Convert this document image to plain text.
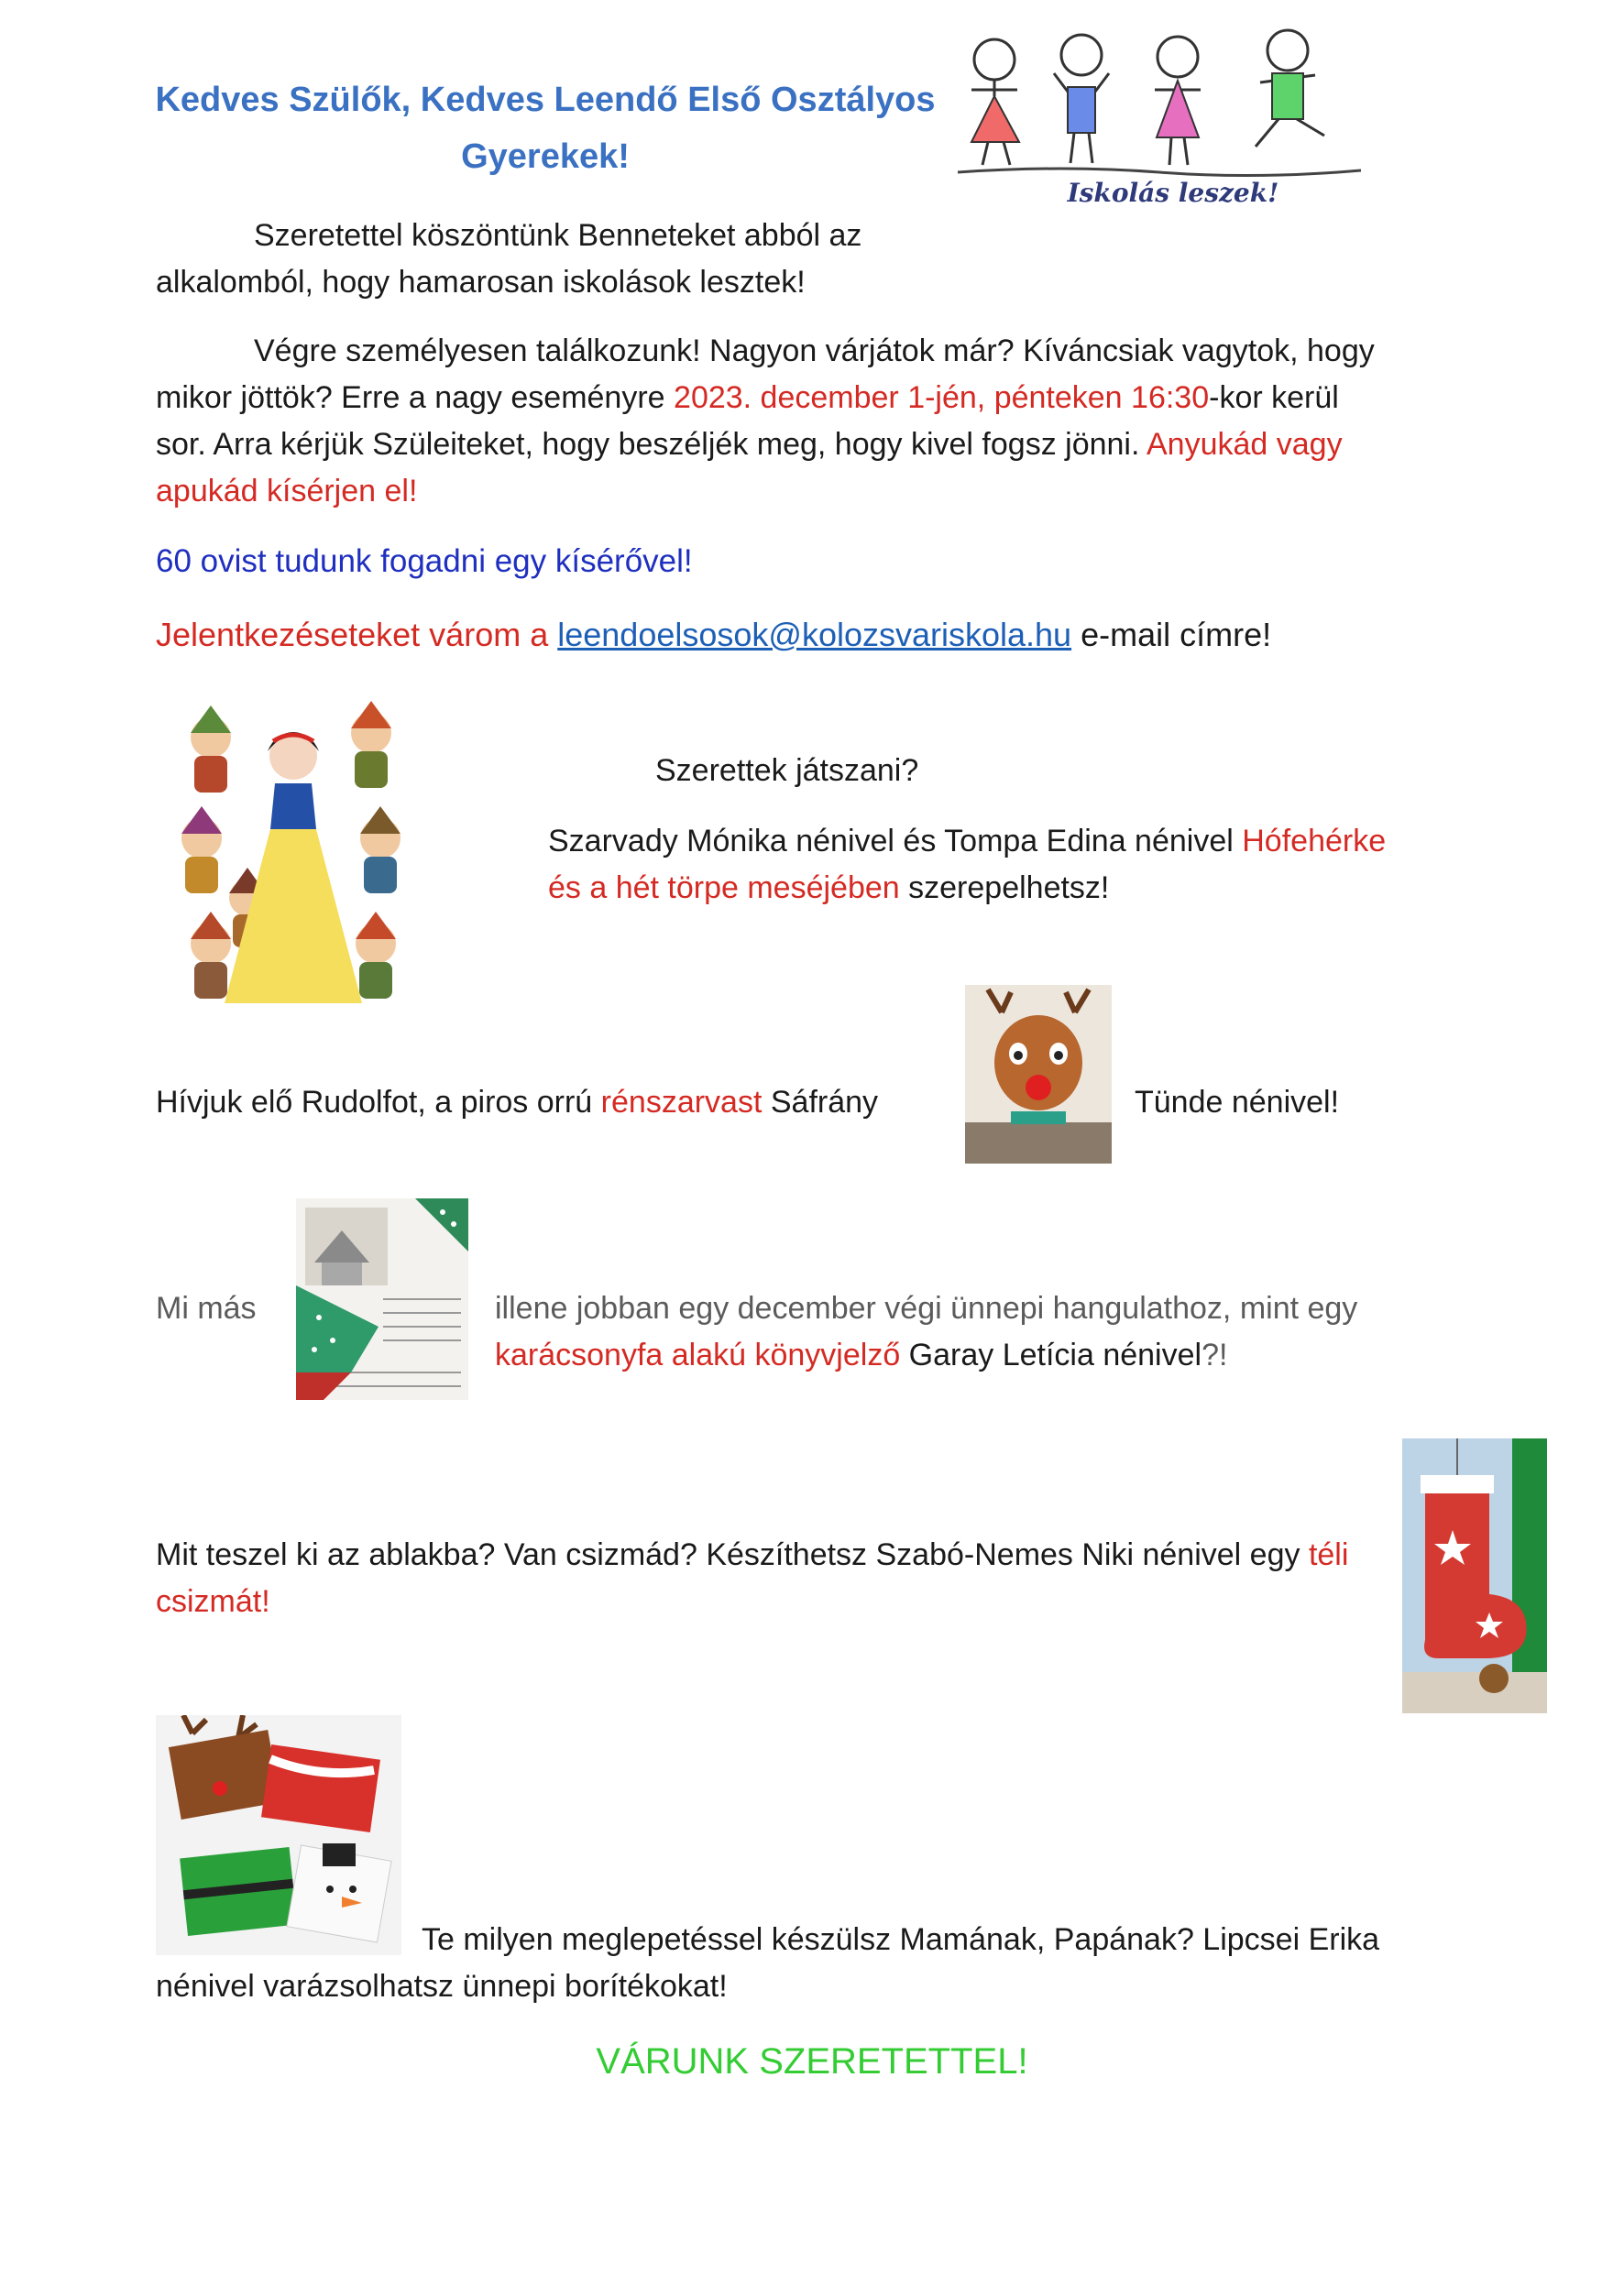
Kedves Szülők, Kedves Leendő Első Osztályos
Gyerekek!
Iskolás leszek!

Szeretettel köszöntünk Benneteket abból az

alkalomból, hogy hamarosan iskolások lesztek!

Végre személyesen találkozunk! Nagyon várjátok már? Kíváncsiak vagytok, hogy

mikor jöttök? Erre a nagy eseményre 2023. december 1-jén, pénteken 16:30-kor kerül

sor. Arra kérjük Szüleiteket, hogy beszéljék meg, hogy kivel fogsz jönni. Anyukád vagy

apukád kísérjen el!

60 ovist tudunk fogadni egy kísérővel!

Jelentkezéseteket várom a leendoelsosok@kolozsvariskola.hu e-mail címre!

Szerettek játszani?

Szarvady Mónika nénivel és Tompa Edina nénivel Hófehérke

és a hét törpe meséjében szerepelhetsz!

Hívjuk elő Rudolfot, a piros orrú rénszarvast Sáfrány	Tünde nénivel!

Mi más	illene jobban egy december végi ünnepi hangulathoz, mint egy

karácsonyfa alakú könyvjelző Garay Letícia nénivel?!

Mit teszel ki az ablakba? Van csizmád? Készíthetsz Szabó-Nemes Niki nénivel egy téli

csizmát!

Te milyen meglepetéssel készülsz Mamának, Papának? Lipcsei Erika

nénivel varázsolhatsz ünnepi borítékokat!

VÁRUNK SZERETETTEL!
